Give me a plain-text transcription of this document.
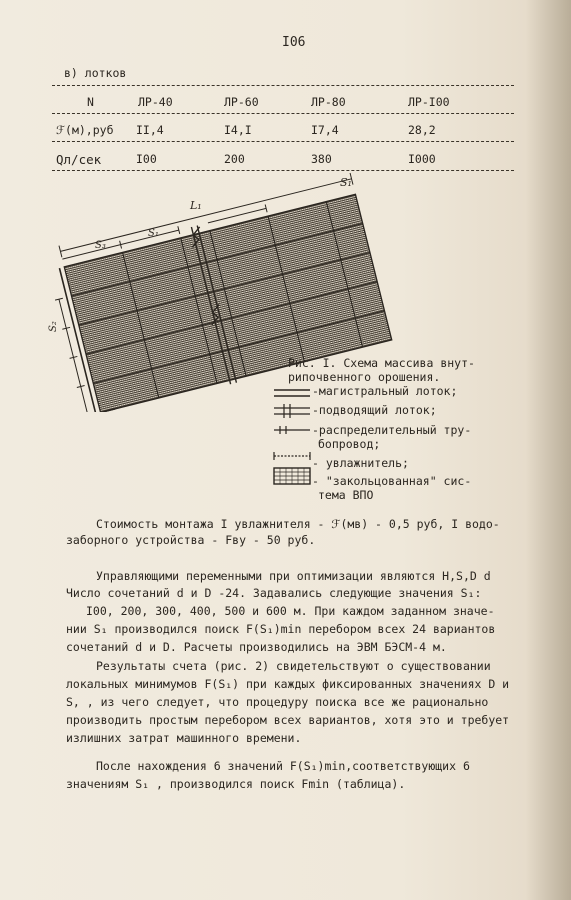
I06
в) лотков
N	ЛР-40	ЛР-60	ЛР-80	ЛР-I00
ℱ(м),руб II,4	I4,I	I7,4	28,2
Qл/сек	I00	200	380	I000
L₁
S₁
S₃
S₁
S₂
Рис. I. Схема массива внут-
рипочвенного орошения.
-магистральный лоток;
-подводящий лоток;
-распределительный тру-
бопровод;
- увлажнитель;
- "закольцованная" сис-
тема ВПО
Стоимость монтажа I увлажнителя - ℱ(мв) - 0,5 руб, I водо-
заборного устройства - Fву - 50 руб.
Управляющими переменными при оптимизации являются H,S,D d
Число сочетаний d и D -24. Задавались следующие значения S₁:
I00, 200, 300, 400, 500 и 600 м. При каждом заданном значе-
нии S₁ производился поиск F(S₁)min перебором всех 24 вариантов
сочетаний d и D. Расчеты производились на ЭВМ БЭСМ-4 м.
Результаты счета (рис. 2) свидетельствуют о существовании
локальных минимумов F(S₁) при каждых фиксированных значениях D и
S, , из чего следует, что процедуру поиска все же рационально
производить простым перебором всех вариантов, хотя это и требует
излишних затрат машинного времени.
После нахождения 6 значений F(S₁)min,соответствующих 6
значениям S₁ , производился поиск Fmin (таблица).
